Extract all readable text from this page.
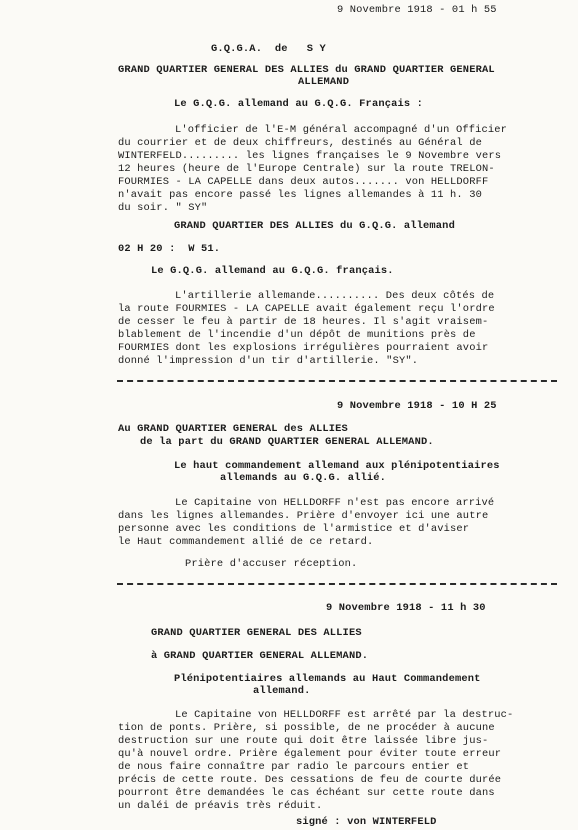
9 Novembre 1918 - 01 h 55
G.Q.G.A.  de   S Y
GRAND QUARTIER GENERAL DES ALLIES du GRAND QUARTIER GENERAL
ALLEMAND
Le G.Q.G. allemand au G.Q.G. Français :
L'officier de l'E-M général accompagné d'un Officier
du courrier et de deux chiffreurs, destinés au Général de
WINTERFELD......... les lignes françaises le 9 Novembre vers
12 heures (heure de l'Europe Centrale) sur la route TRELON-
FOURMIES - LA CAPELLE dans deux autos....... von HELLDORFF
n'avait pas encore passé les lignes allemandes à 11 h. 30
du soir. " SY"
GRAND QUARTIER DES ALLIES du G.Q.G. allemand
02 H 20 :  W 51.
Le G.Q.G. allemand au G.Q.G. français.
L'artillerie allemande.......... Des deux côtés de
la route FOURMIES - LA CAPELLE avait également reçu l'ordre
de cesser le feu à partir de 18 heures. Il s'agit vraisem-
blablement de l'incendie d'un dépôt de munitions près de
FOURMIES dont les explosions irrégulières pourraient avoir
donné l'impression d'un tir d'artillerie. "SY".
9 Novembre 1918 - 10 H 25
Au GRAND QUARTIER GENERAL des ALLIES
de la part du GRAND QUARTIER GENERAL ALLEMAND.
Le haut commandement allemand aux plénipotentiaires
allemands au G.Q.G. allié.
Le Capitaine von HELLDORFF n'est pas encore arrivé
dans les lignes allemandes. Prière d'envoyer ici une autre
personne avec les conditions de l'armistice et d'aviser
le Haut commandement allié de ce retard.
Prière d'accuser réception.
9 Novembre 1918 - 11 h 30
GRAND QUARTIER GENERAL DES ALLIES
à GRAND QUARTIER GENERAL ALLEMAND.
Plénipotentiaires allemands au Haut Commandement
allemand.
Le Capitaine von HELLDORFF est arrêté par la destruc-
tion de ponts. Prière, si possible, de ne procéder à aucune
destruction sur une route qui doit être laissée libre jus-
qu'à nouvel ordre. Prière également pour éviter toute erreur
de nous faire connaître par radio le parcours entier et
précis de cette route. Des cessations de feu de courte durée
pourront être demandées le cas échéant sur cette route dans
un daléi de préavis très réduit.
signé : von WINTERFELD
